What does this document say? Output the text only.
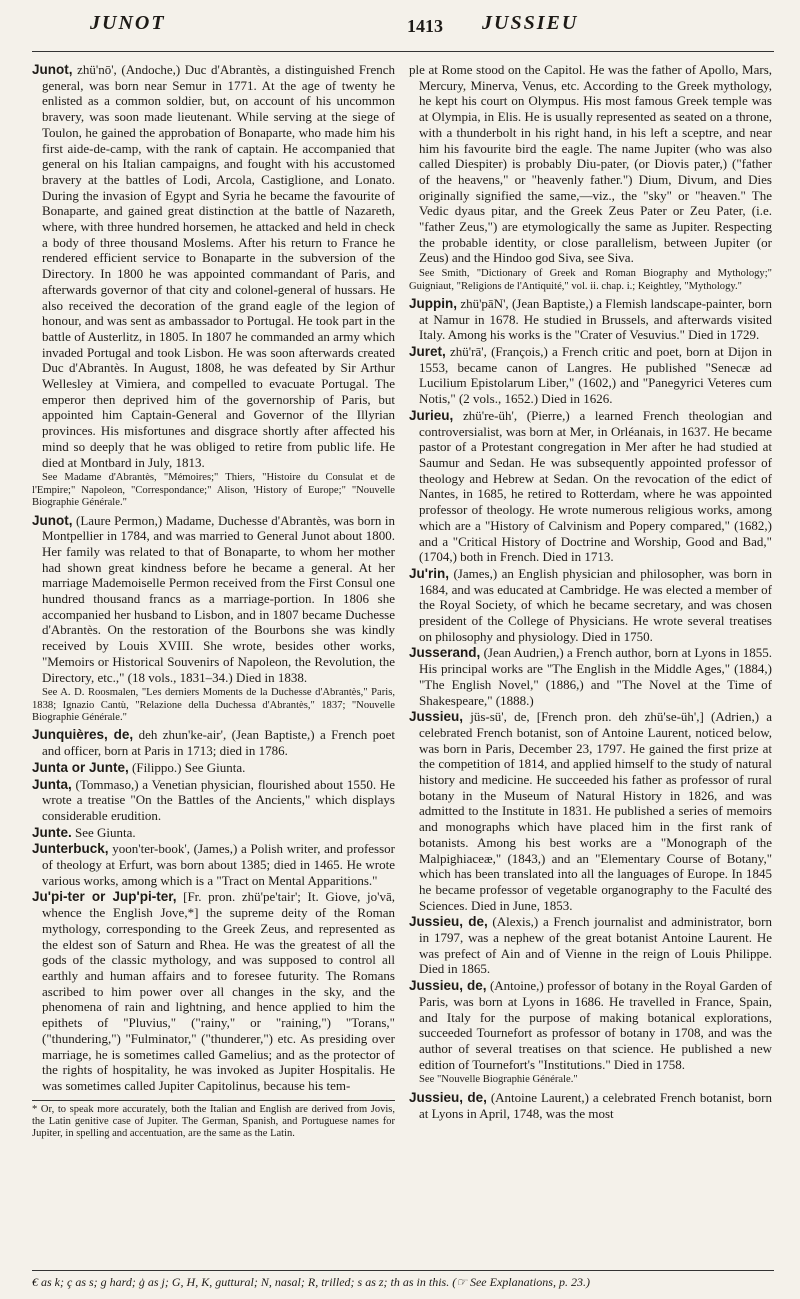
JUNOT	1413 JUSSIEU

Junot, zhü'nō', (Andoche,) Duc d'Abrantès, a distinguished French general, was born near Semur in 1771. At the age of twenty he enlisted as a common soldier, but, on account of his uncommon bravery, was soon made lieutenant. While serving at the siege of Toulon, he gained the approbation of Bonaparte, who made him his first aide-de-camp, with the rank of captain. He accompanied that general on his Italian campaigns, and fought with his accustomed bravery at the battles of Lodi, Arcola, Castiglione, and Lonato. During the invasion of Egypt and Syria he became the favourite of Bonaparte, and gained great distinction at the battle of Nazareth, where, with three hundred horsemen, he attacked and held in check a body of three thousand Moslems. After his return to France he rendered efficient service to Bonaparte in the subversion of the Directory. In 1800 he was appointed commandant of Paris, and afterwards governor of that city and colonel-general of hussars. He also received the decoration of the grand eagle of the legion of honour, and was sent as ambassador to Portugal. He took part in the battle of Austerlitz, in 1805. In 1807 he commanded an army which invaded Portugal and took Lisbon. He was soon afterwards created Duc d'Abrantès. In August, 1808, he was defeated by Sir Arthur Wellesley at Vimiera, and compelled to evacuate Portugal. The emperor then deprived him of the governorship of Paris, but appointed him Captain-General and Governor of the Illyrian provinces. His misfortunes and disgrace shortly after affected his mind so deeply that he was obliged to retire from public life. He died at Montbard in July, 1813.

See Madame d'Abrantès, "Mémoires;" Thiers, "Histoire du Consulat et de l'Empire;" Napoleon, "Correspondance;" Alison, 'History of Europe;" "Nouvelle Biographie Générale."

Junot, (Laure Permon,) Madame, Duchesse d'Abrantès, was born in Montpellier in 1784, and was married to General Junot about 1800. Her family was related to that of Bonaparte, to whom her mother had shown great kindness before he became a general. At her marriage Mademoiselle Permon received from the First Consul one hundred thousand francs as a marriage-portion. In 1806 she accompanied her husband to Lisbon, and in 1807 became Duchesse d'Abrantès. On the restoration of the Bourbons she was kindly received by Louis XVIII. She wrote, besides other works, "Memoirs or Historical Souvenirs of Napoleon, the Revolution, the Directory, etc.," (18 vols., 1831–34.) Died in 1838.

See A. D. Roosmalen, "Les derniers Moments de la Duchesse d'Abrantès," Paris, 1838; Ignazio Cantù, "Relazione della Duchessa d'Abrantès," 1837; "Nouvelle Biographie Générale."

Junquières, de, deh zhun'ke-air', (Jean Baptiste,) a French poet and officer, born at Paris in 1713; died in 1786.

Junta or Junte, (Filippo.) See Giunta.

Junta, (Tommaso,) a Venetian physician, flourished about 1550. He wrote a treatise "On the Battles of the Ancients," which displays considerable erudition.

Junte. See Giunta.

Junterbuck, yoon'ter-book', (James,) a Polish writer, and professor of theology at Erfurt, was born about 1385; died in 1465. He wrote various works, among which is a "Tract on Mental Apparitions."

Ju'pi-ter or Jup'pi-ter, [Fr. pron. zhü'pe'tair'; It. Giove, jo'vā, whence the English Jove,*] the supreme deity of the Roman mythology, corresponding to the Greek Zeus, and represented as the eldest son of Saturn and Rhea. He was the greatest of all the gods of the classic mythology, and was supposed to control all earthly and human affairs and to foresee futurity. The Romans ascribed to him power over all changes in the sky, and the phenomena of rain and lightning, and hence applied to him the epithets of "Pluvius," ("rainy," or "raining,") "Torans," ("thundering,") "Fulminator," ("thunderer,") etc. As presiding over marriage, he is sometimes called Gamelius; and as the protector of the rights of hospitality, he was invoked as Jupiter Hospitalis. He was sometimes called Jupiter Capitolinus, because his tem-

* Or, to speak more accurately, both the Italian and English are derived from Jovis, the Latin genitive case of Jupiter. The German, Spanish, and Portuguese names for Jupiter, in spelling and accentuation, are the same as the Latin.

ple at Rome stood on the Capitol. He was the father of Apollo, Mars, Mercury, Minerva, Venus, etc. According to the Greek mythology, he kept his court on Olympus. His most famous Greek temple was at Olympia, in Elis. He is usually represented as seated on a throne, with a thunderbolt in his right hand, in his left a sceptre, and near him his favourite bird the eagle. The name Jupiter (who was also called Diespiter) is probably Diu-pater, (or Diovis pater,) ("father of the heavens," or "heavenly father.") Dium, Divum, and Dies originally signified the same,—viz., the "sky" or "heaven." The Vedic dyaus pitar, and the Greek Zeus Pater or Zeu Pater, (i.e. "father Zeus,") are etymologically the same as Jupiter. Respecting the probable identity, or close parallelism, between Jupiter (or Zeus) and the Hindoo god Siva, see Siva.

See Smith, "Dictionary of Greek and Roman Biography and Mythology;" Guigniaut, "Religions de l'Antiquité," vol. ii. chap. i.; Keightley, "Mythology."

Juppin, zhü'pāN', (Jean Baptiste,) a Flemish landscape-painter, born at Namur in 1678. He studied in Brussels, and afterwards visited Italy. Among his works is the "Crater of Vesuvius." Died in 1729.

Juret, zhü'rā', (François,) a French critic and poet, born at Dijon in 1553, became canon of Langres. He published "Senecæ ad Lucilium Epistolarum Liber," (1602,) and "Panegyrici Veteres cum Notis," (2 vols., 1652.) Died in 1626.

Jurieu, zhü're-üh', (Pierre,) a learned French theologian and controversialist, was born at Mer, in Orléanais, in 1637. He became pastor of a Protestant congregation in Mer after he had studied at Saumur and Sedan. He was subsequently appointed professor of theology and Hebrew at Sedan. On the revocation of the edict of Nantes, in 1685, he retired to Rotterdam, where he was appointed professor of theology. He wrote numerous religious works, among which are a "History of Calvinism and Popery compared," (1682,) and a "Critical History of Doctrine and Worship, Good and Bad," (1704,) both in French. Died in 1713.

Ju'rin, (James,) an English physician and philosopher, was born in 1684, and was educated at Cambridge. He was elected a member of the Royal Society, of which he became secretary, and was chosen president of the College of Physicians. He wrote several treatises on philosophy and physiology. Died in 1750.

Jusserand, (Jean Audrien,) a French author, born at Lyons in 1855. His principal works are "The English in the Middle Ages," (1884,) "The English Novel," (1886,) and "The Novel at the Time of Shakespeare," (1888.)

Jussieu, jüs-sü', de, [French pron. deh zhü'se-üh',] (Adrien,) a celebrated French botanist, son of Antoine Laurent, noticed below, was born in Paris, December 23, 1797. He gained the first prize at the competition of 1814, and applied himself to the study of natural history and medicine. He succeeded his father as professor of rural botany in the Museum of Natural History in 1826, and was admitted to the Institute in 1831. He published a series of memoirs and monographs which have placed him in the first rank of botanists. Among his best works are a "Monograph of the Malpighiaceæ," (1843,) and an "Elementary Course of Botany," which has been translated into all the languages of Europe. In 1845 he became professor of vegetable organography to the Faculté des Sciences. Died in June, 1853.

Jussieu, de, (Alexis,) a French journalist and administrator, born in 1797, was a nephew of the great botanist Antoine Laurent. He was prefect of Ain and of Vienne in the reign of Louis Philippe. Died in 1865.

Jussieu, de, (Antoine,) professor of botany in the Royal Garden of Paris, was born at Lyons in 1686. He travelled in France, Spain, and Italy for the purpose of making botanical explorations, succeeded Tournefort as professor of botany in 1708, and was the author of several treatises on that science. He published a new edition of Tournefort's "Institutions." Died in 1758.

See "Nouvelle Biographie Générale."

Jussieu, de, (Antoine Laurent,) a celebrated French botanist, born at Lyons in April, 1748, was the most

€ as k; ç as s; g hard; ġ as j; G, H, K, guttural; N, nasal; R, trilled; s as z; th as in this. (☞ See Explanations, p. 23.)
